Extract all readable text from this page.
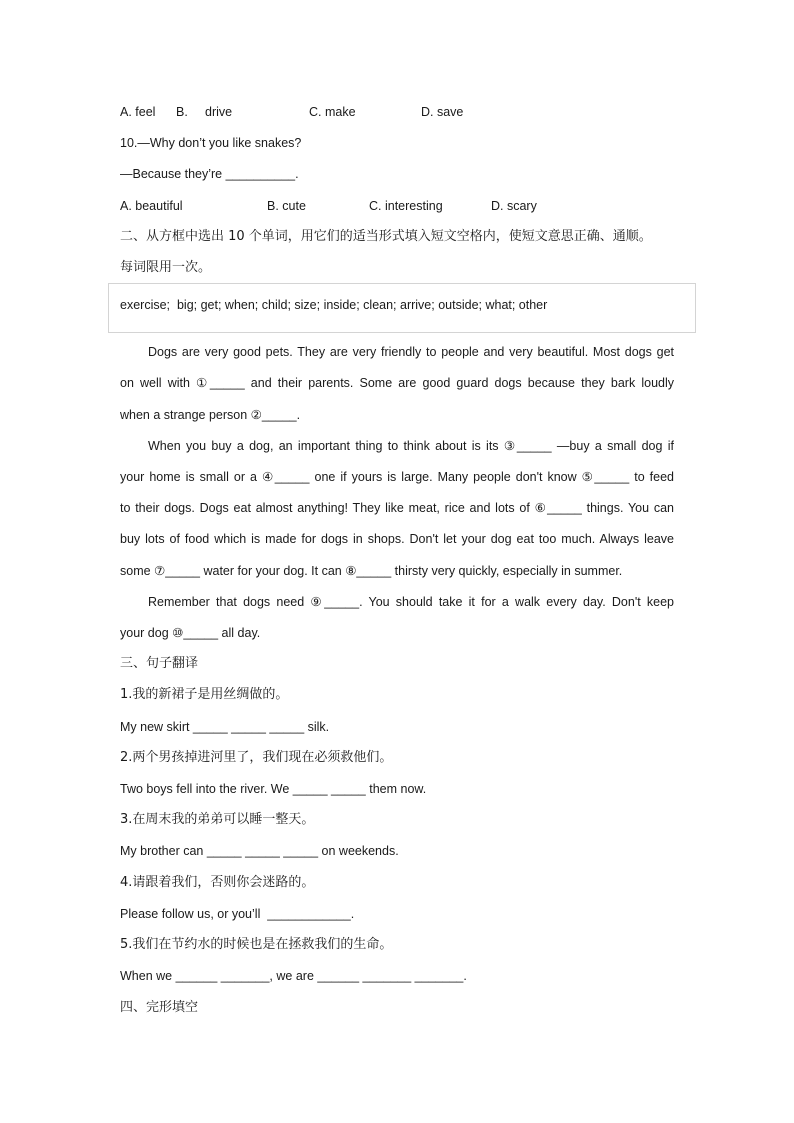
A. feel B. drive	C. make	D. save
10.—Why don’t you like snakes?
—Because they’re __________.
A. beautiful	B. cute	C. interesting	D. scary
二、从方框中选出 10 个单词，用它们的适当形式填入短文空格内，使短文意思正确、通顺。
每词限用一次。
exercise;  big; get; when; child; size; inside; clean; arrive; outside; what; other
Dogs are very good pets. They are very friendly to people and very beautiful. Most dogs get
on well with ①_____ and their parents. Some are good guard dogs because they bark loudly
when a strange person ②_____.
When you buy a dog, an important thing to think about is its ③_____ —buy a small dog if
your home is small or a ④_____ one if yours is large. Many people don't know ⑤_____ to feed
to their dogs. Dogs eat almost anything! They like meat, rice and lots of ⑥_____ things. You can
buy lots of food which is made for dogs in shops. Don't let your dog eat too much. Always leave
some ⑦_____ water for your dog. It can ⑧_____ thirsty very quickly, especially in summer.
Remember that dogs need ⑨_____. You should take it for a walk every day. Don't keep
your dog ⑩_____ all day.
三、句子翻译
1.我的新裙子是用丝绸做的。
My new skirt _____ _____ _____ silk.
2.两个男孩掉进河里了，我们现在必须救他们。
Two boys fell into the river. We _____ _____ them now.
3.在周末我的弟弟可以睡一整天。
My brother can _____ _____ _____ on weekends.
4.请跟着我们，否则你会迷路的。
Please follow us, or you’ll  ____________.
5.我们在节约水的时候也是在拯救我们的生命。
When we ______ _______, we are ______ _______ _______.
四、完形填空
